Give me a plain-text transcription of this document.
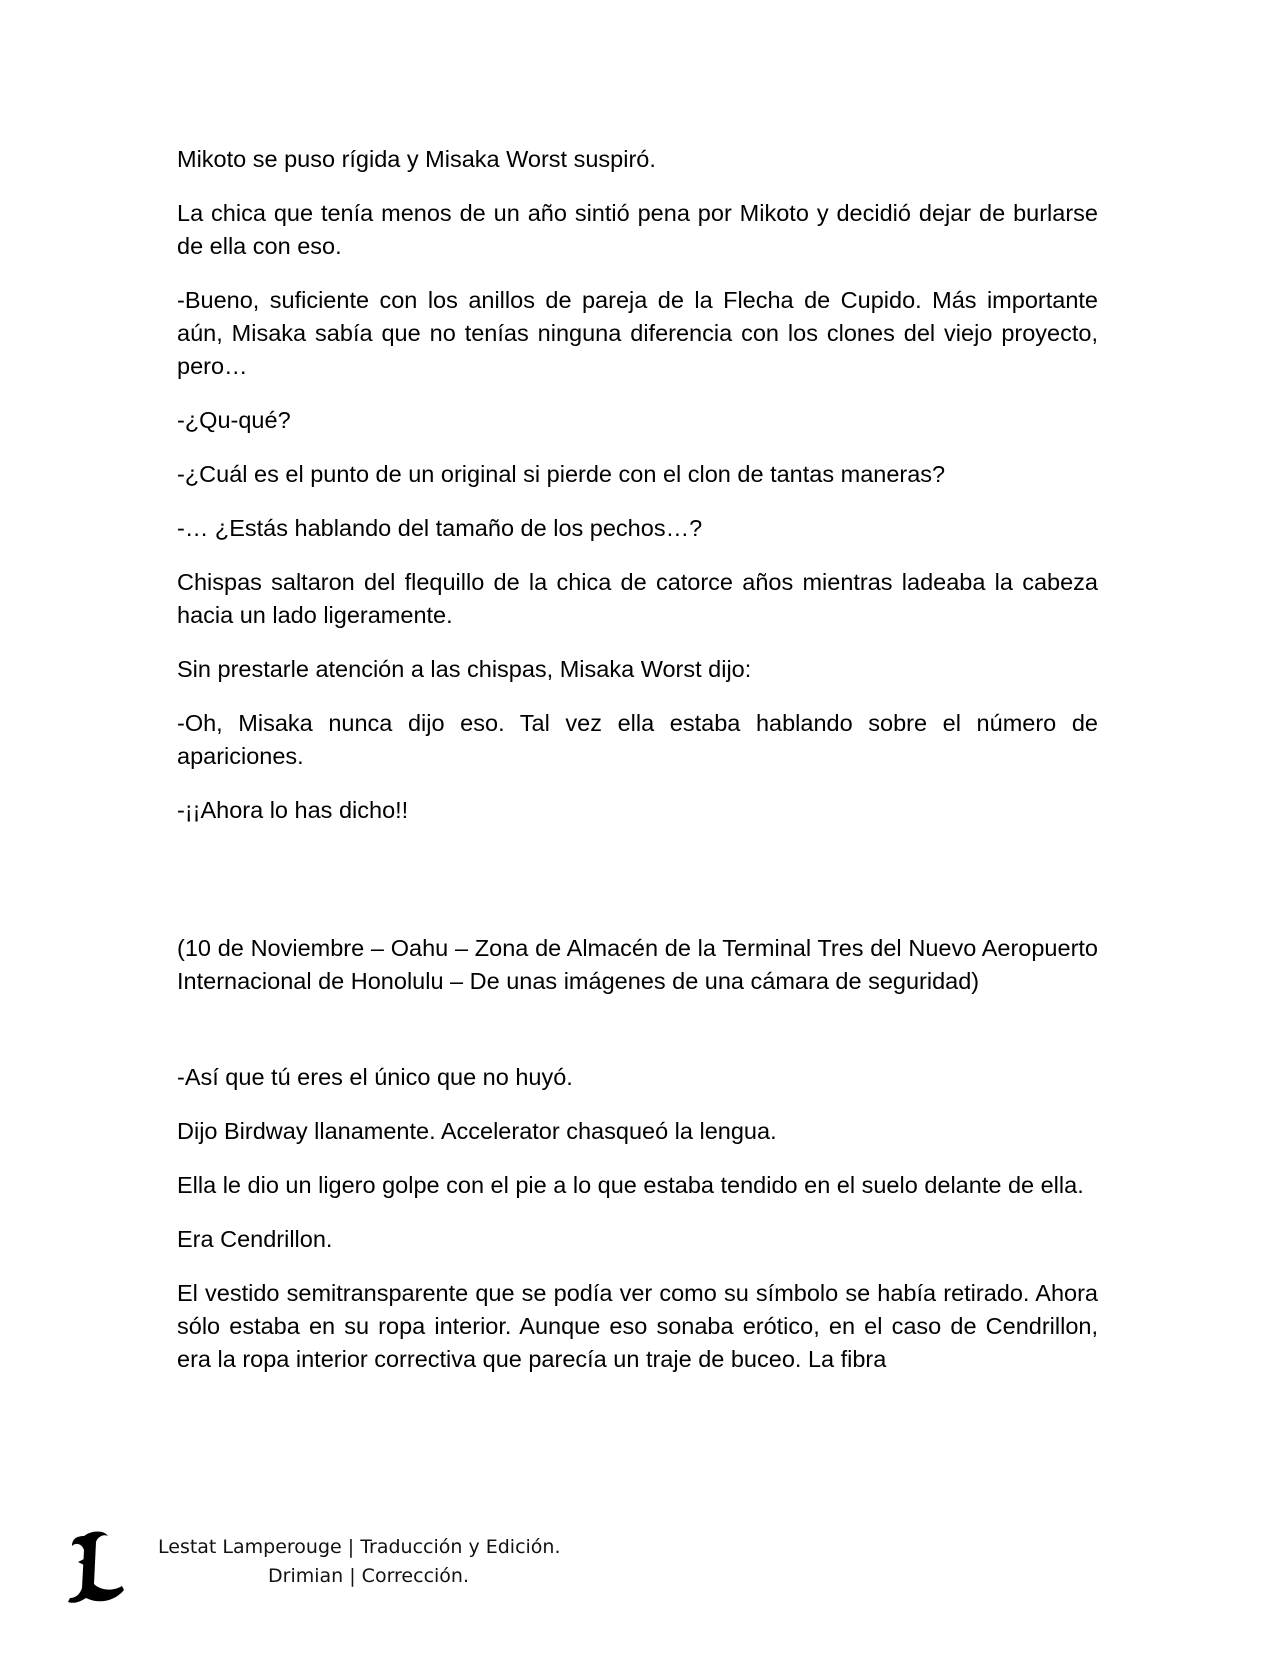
Mikoto se puso rígida y Misaka Worst suspiró.

La chica que tenía menos de un año sintió pena por Mikoto y decidió dejar de burlarse de ella con eso.

-Bueno, suficiente con los anillos de pareja de la Flecha de Cupido. Más importante aún, Misaka sabía que no tenías ninguna diferencia con los clones del viejo proyecto, pero…

-¿Qu-qué?

-¿Cuál es el punto de un original si pierde con el clon de tantas maneras?

-… ¿Estás hablando del tamaño de los pechos…?

Chispas saltaron del flequillo de la chica de catorce años mientras ladeaba la cabeza hacia un lado ligeramente.

Sin prestarle atención a las chispas, Misaka Worst dijo:

-Oh, Misaka nunca dijo eso. Tal vez ella estaba hablando sobre el número de apariciones.

-¡¡Ahora lo has dicho!!

(10 de Noviembre – Oahu – Zona de Almacén de la Terminal Tres del Nuevo Aeropuerto Internacional de Honolulu – De unas imágenes de una cámara de seguridad)

-Así que tú eres el único que no huyó.

Dijo Birdway llanamente. Accelerator chasqueó la lengua.

Ella le dio un ligero golpe con el pie a lo que estaba tendido en el suelo delante de ella.

Era Cendrillon.

El vestido semitransparente que se podía ver como su símbolo se había retirado. Ahora sólo estaba en su ropa interior. Aunque eso sonaba erótico, en el caso de Cendrillon, era la ropa interior correctiva que parecía un traje de buceo. La fibra

Lestat Lamperouge | Traducción y Edición.
Drimian | Corrección.
